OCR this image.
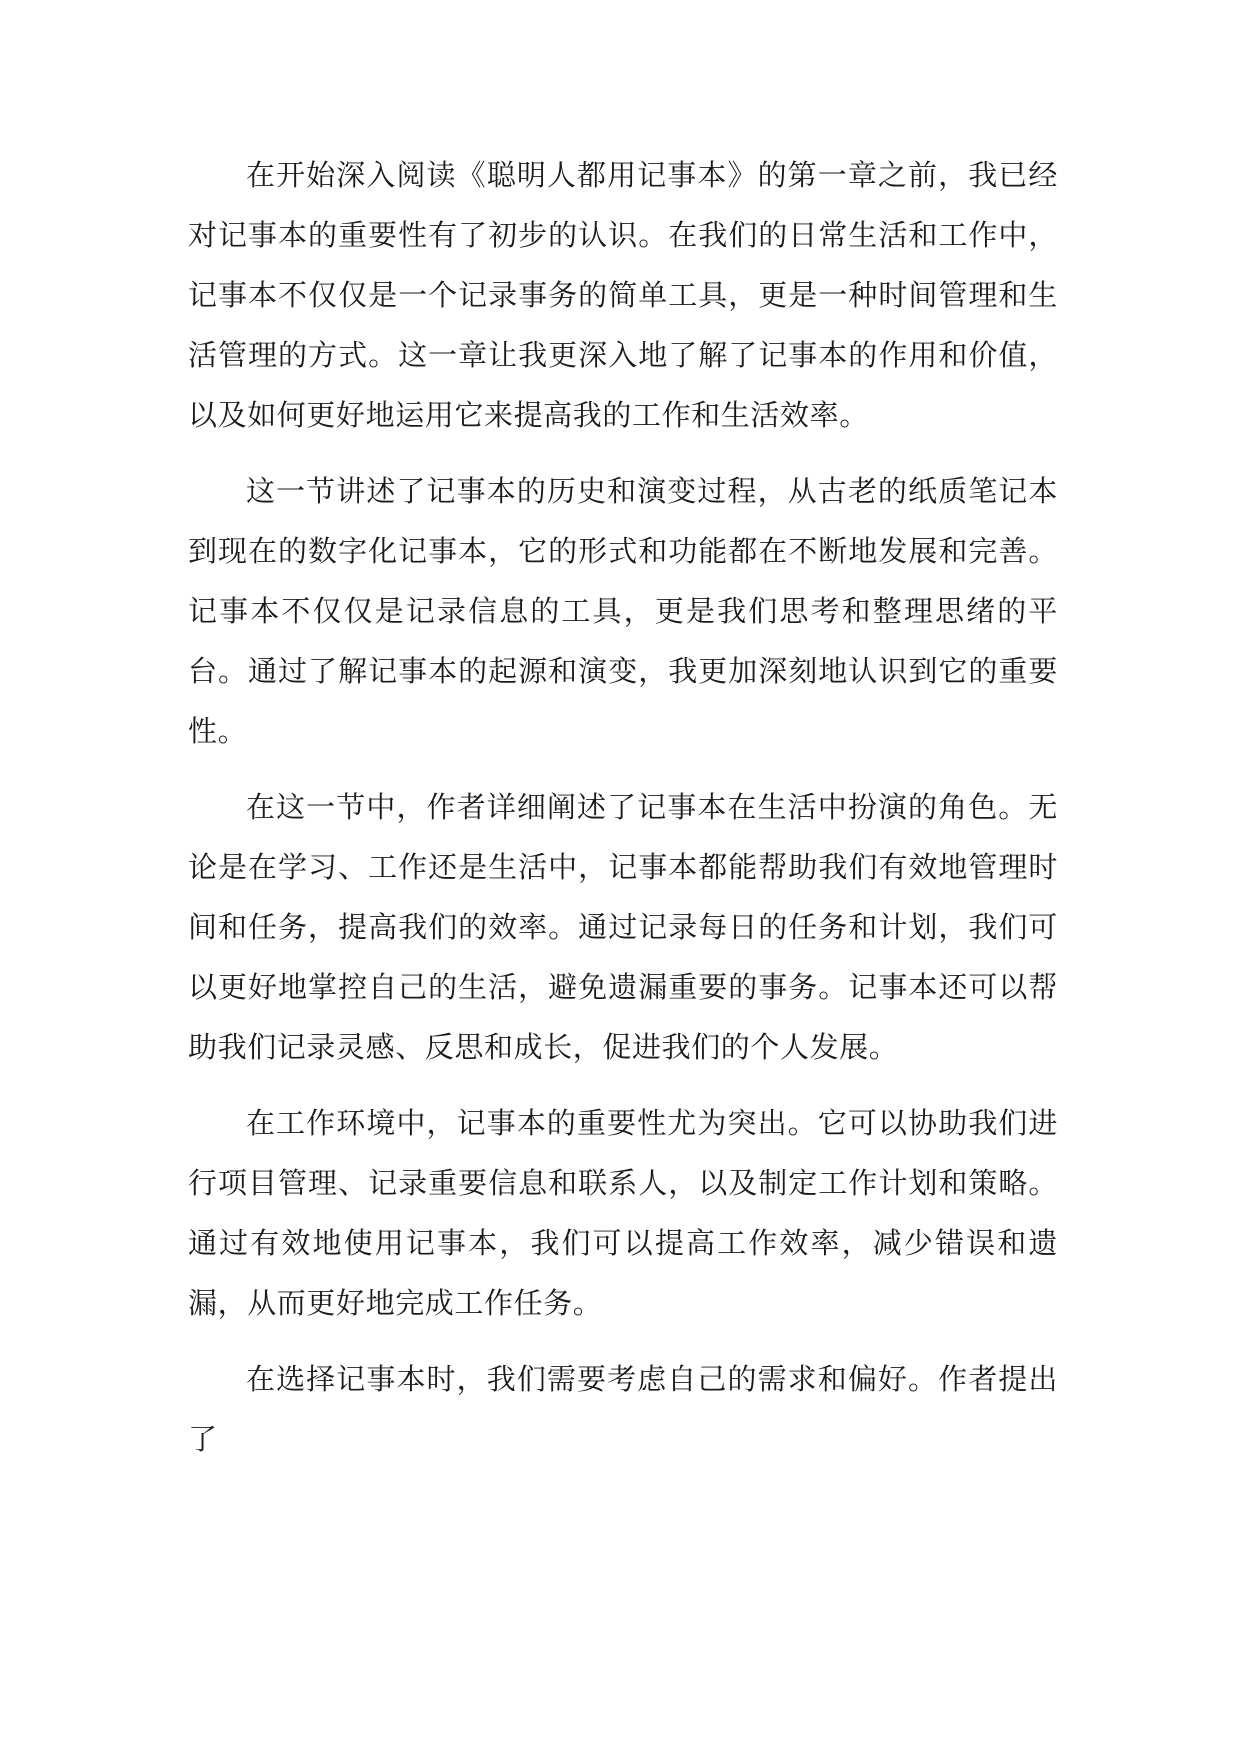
在开始深入阅读《聪明人都用记事本》的第一章之前，我已经对记事本的重要性有了初步的认识。在我们的日常生活和工作中，记事本不仅仅是一个记录事务的简单工具，更是一种时间管理和生活管理的方式。这一章让我更深入地了解了记事本的作用和价值，以及如何更好地运用它来提高我的工作和生活效率。

这一节讲述了记事本的历史和演变过程，从古老的纸质笔记本到现在的数字化记事本，它的形式和功能都在不断地发展和完善。记事本不仅仅是记录信息的工具，更是我们思考和整理思绪的平台。通过了解记事本的起源和演变，我更加深刻地认识到它的重要性。

在这一节中，作者详细阐述了记事本在生活中扮演的角色。无论是在学习、工作还是生活中，记事本都能帮助我们有效地管理时间和任务，提高我们的效率。通过记录每日的任务和计划，我们可以更好地掌控自己的生活，避免遗漏重要的事务。记事本还可以帮助我们记录灵感、反思和成长，促进我们的个人发展。

在工作环境中，记事本的重要性尤为突出。它可以协助我们进行项目管理、记录重要信息和联系人，以及制定工作计划和策略。通过有效地使用记事本，我们可以提高工作效率，减少错误和遗漏，从而更好地完成工作任务。

在选择记事本时，我们需要考虑自己的需求和偏好。作者提出了
